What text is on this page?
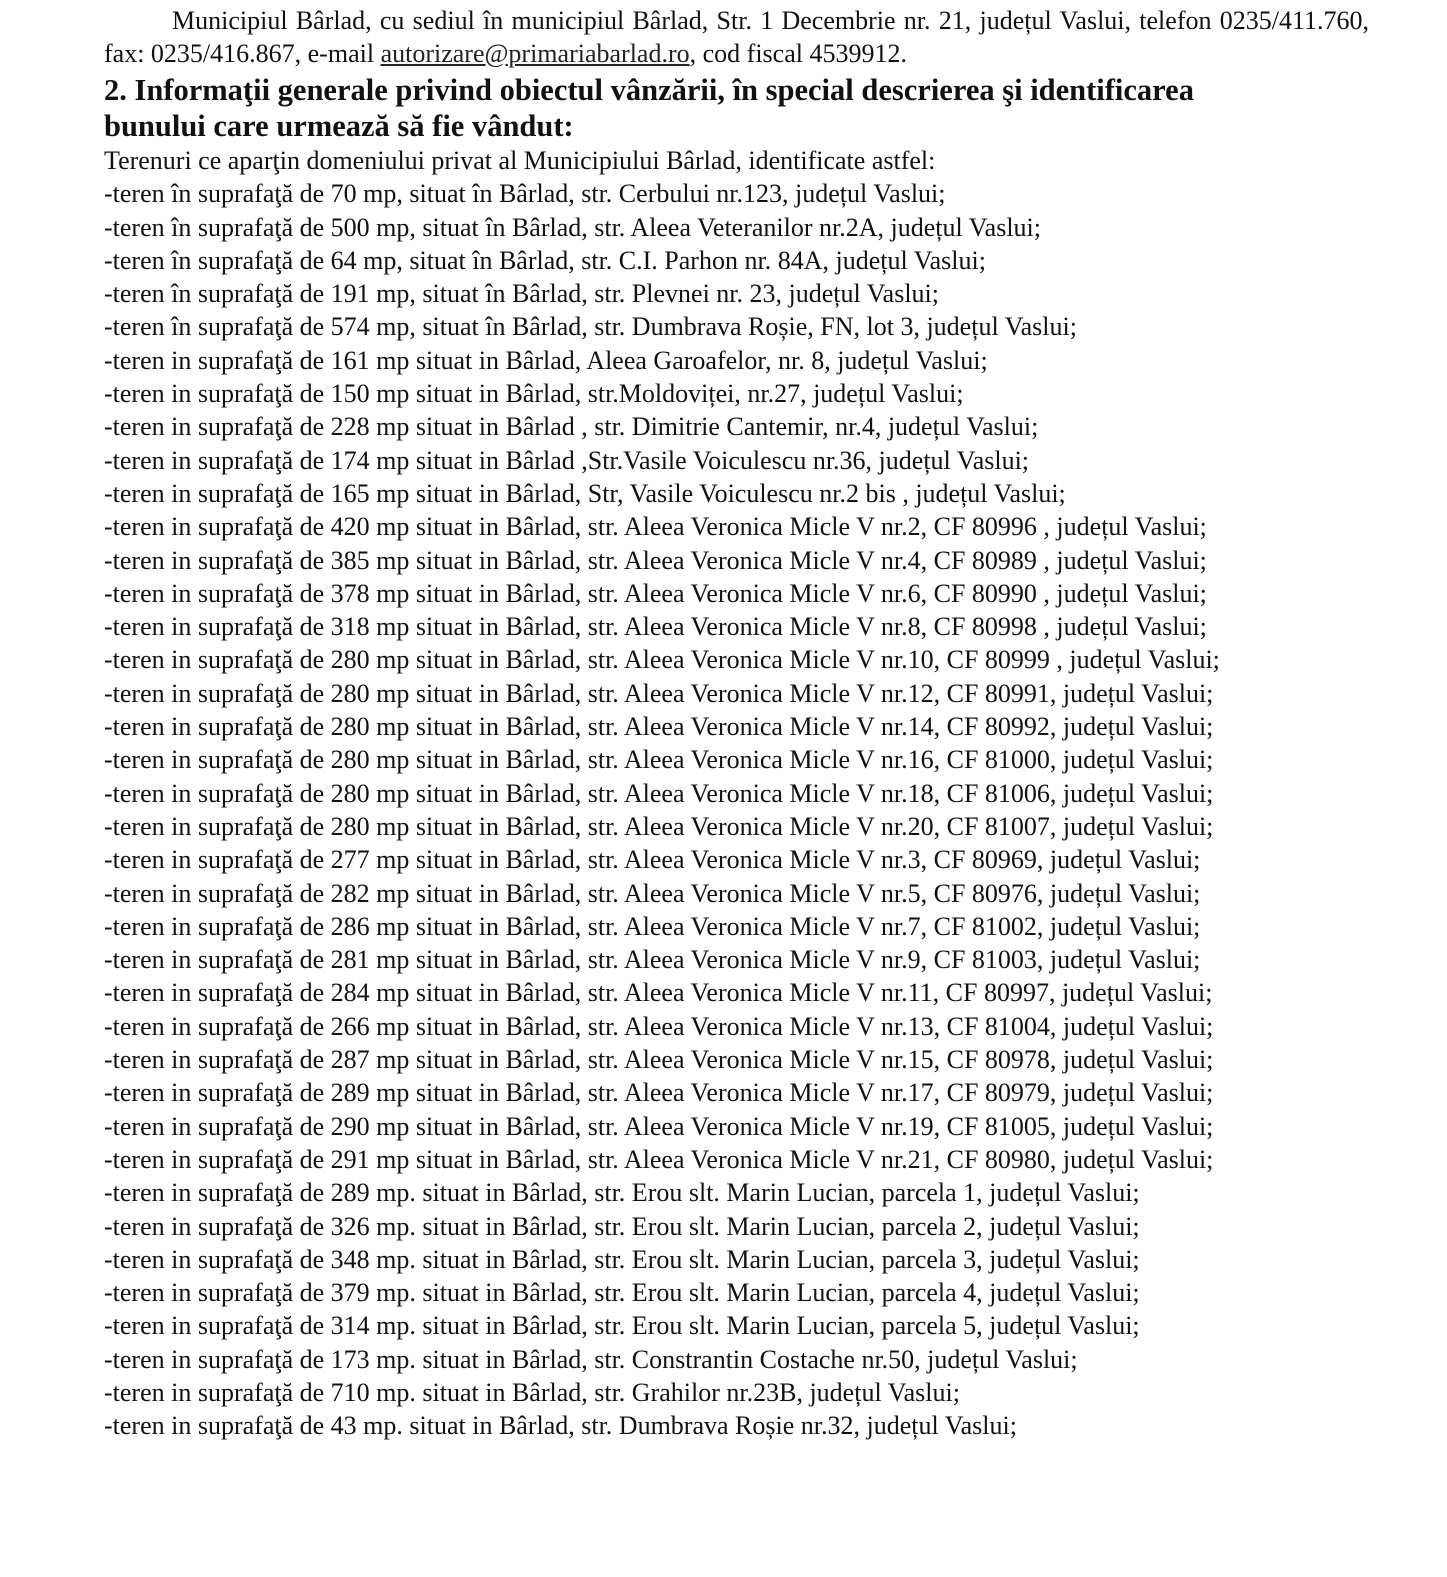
Municipiul Bârlad, cu sediul în municipiul Bârlad, Str. 1 Decembrie nr. 21, județul Vaslui, telefon 0235/411.760, fax: 0235/416.867, e-mail autorizare@primariabarlad.ro, cod fiscal 4539912.

2. Informaţii generale privind obiectul vânzării, în special descrierea şi identificarea
bunului care urmează să fie vândut:

Terenuri ce aparţin domeniului privat al Municipiului Bârlad, identificate astfel:

-teren în suprafaţă de 70 mp, situat în Bârlad, str. Cerbului nr.123, județul Vaslui;
-teren în suprafaţă de 500 mp, situat în Bârlad, str. Aleea Veteranilor nr.2A, județul Vaslui;
-teren în suprafaţă de 64 mp, situat în Bârlad, str. C.I. Parhon nr. 84A, județul Vaslui;
-teren în suprafaţă de 191 mp, situat în Bârlad, str. Plevnei nr. 23, județul Vaslui;
-teren în suprafaţă de 574 mp, situat în Bârlad, str. Dumbrava Roșie, FN, lot 3, județul Vaslui;
-teren in suprafaţă de 161 mp situat in Bârlad, Aleea Garoafelor, nr. 8, județul Vaslui;
-teren in suprafaţă de 150 mp situat in Bârlad, str.Moldoviței, nr.27, județul Vaslui;
-teren in suprafaţă de 228 mp situat in Bârlad , str. Dimitrie Cantemir, nr.4, județul Vaslui;
-teren in suprafaţă de 174 mp situat in Bârlad ,Str.Vasile Voiculescu nr.36, județul Vaslui;
-teren in suprafaţă de 165 mp situat in Bârlad, Str, Vasile Voiculescu nr.2 bis , județul Vaslui;
-teren in suprafaţă de 420 mp situat in Bârlad, str. Aleea Veronica Micle V nr.2, CF 80996 , județul Vaslui;
-teren in suprafaţă de 385 mp situat in Bârlad, str. Aleea Veronica Micle V nr.4, CF 80989 , județul Vaslui;
-teren in suprafaţă de 378 mp situat in Bârlad, str. Aleea Veronica Micle V nr.6, CF 80990 , județul Vaslui;
-teren in suprafaţă de 318 mp situat in Bârlad, str. Aleea Veronica Micle V nr.8, CF 80998 , județul Vaslui;
-teren in suprafaţă de 280 mp situat in Bârlad, str. Aleea Veronica Micle V nr.10, CF 80999 , județul Vaslui;
-teren in suprafaţă de 280 mp situat in Bârlad, str. Aleea Veronica Micle V nr.12, CF 80991, județul Vaslui;
-teren in suprafaţă de 280 mp situat in Bârlad, str. Aleea Veronica Micle V nr.14, CF 80992, județul Vaslui;
-teren in suprafaţă de 280 mp situat in Bârlad, str. Aleea Veronica Micle V nr.16, CF 81000, județul Vaslui;
-teren in suprafaţă de 280 mp situat in Bârlad, str. Aleea Veronica Micle V nr.18, CF 81006, județul Vaslui;
-teren in suprafaţă de 280 mp situat in Bârlad, str. Aleea Veronica Micle V nr.20, CF 81007, județul Vaslui;
-teren in suprafaţă de 277 mp situat in Bârlad, str. Aleea Veronica Micle V nr.3, CF 80969, județul Vaslui;
-teren in suprafaţă de 282 mp situat in Bârlad, str. Aleea Veronica Micle V nr.5, CF 80976, județul Vaslui;
-teren in suprafaţă de 286 mp situat in Bârlad, str. Aleea Veronica Micle V nr.7, CF 81002, județul Vaslui;
-teren in suprafaţă de 281 mp situat in Bârlad, str. Aleea Veronica Micle V nr.9, CF 81003, județul Vaslui;
-teren in suprafaţă de 284 mp situat in Bârlad, str. Aleea Veronica Micle V nr.11, CF 80997, județul Vaslui;
-teren in suprafaţă de 266 mp situat in Bârlad, str. Aleea Veronica Micle V nr.13, CF 81004, județul Vaslui;
-teren in suprafaţă de 287 mp situat in Bârlad, str. Aleea Veronica Micle V nr.15, CF 80978, județul Vaslui;
-teren in suprafaţă de 289 mp situat in Bârlad, str. Aleea Veronica Micle V nr.17, CF 80979, județul Vaslui;
-teren in suprafaţă de 290 mp situat in Bârlad, str. Aleea Veronica Micle V nr.19, CF 81005, județul Vaslui;
-teren in suprafaţă de 291 mp situat in Bârlad, str. Aleea Veronica Micle V nr.21, CF 80980, județul Vaslui;
-teren in suprafaţă de 289 mp. situat in Bârlad, str. Erou slt. Marin Lucian, parcela 1, județul Vaslui;
-teren in suprafaţă de 326 mp. situat in Bârlad, str. Erou slt. Marin Lucian, parcela 2, județul Vaslui;
-teren in suprafaţă de 348 mp. situat in Bârlad, str. Erou slt. Marin Lucian, parcela 3, județul Vaslui;
-teren in suprafaţă de 379 mp. situat in Bârlad, str. Erou slt. Marin Lucian, parcela 4, județul Vaslui;
-teren in suprafaţă de 314 mp. situat in Bârlad, str. Erou slt. Marin Lucian, parcela 5, județul Vaslui;
-teren in suprafaţă de 173 mp. situat in Bârlad, str. Constrantin Costache nr.50, județul Vaslui;
-teren in suprafaţă de 710 mp. situat in Bârlad, str. Grahilor nr.23B, județul Vaslui;
-teren in suprafaţă de 43 mp. situat in Bârlad, str. Dumbrava Roșie nr.32, județul Vaslui;
